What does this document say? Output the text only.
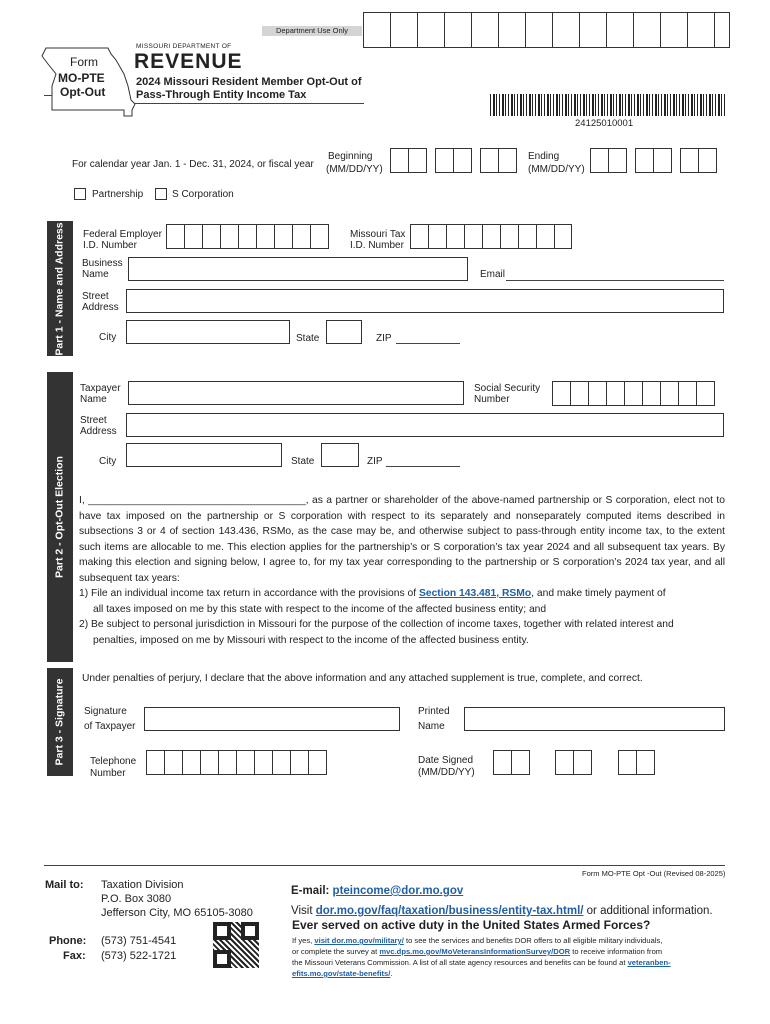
Department Use Only
Form
MO-PTE
Opt-Out
MISSOURI DEPARTMENT OF
REVENUE
2024 Missouri Resident Member Opt-Out of
Pass-Through Entity Income Tax
24125010001
For calendar year Jan. 1 - Dec. 31, 2024, or fiscal year
Beginning
(MM/DD/YY)
Ending
(MM/DD/YY)
Partnership	S Corporation
Part 1 - Name and Address Federal Employer
I.D. Number
Missouri Tax
I.D. Number
Business
Name	Email
Street
Address
City	State	ZIP
Part 2 - Opt-Out Election
Taxpayer
Name
Social Security
Number
Street
Address
City	State	ZIP
I, ______________________________________, as a partner or shareholder of the above-named partnership or S corporation, elect not to have tax imposed on the partnership or S corporation with respect to its separately and nonseparately computed items described in subsections 3 or 4 of section 143.436, RSMo, as the case may be, and otherwise subject to pass-through entity income tax, to the extent such items are allocable to me. This election applies for the partnership’s or S corporation’s tax year 2024 and all subsequent tax years. By making this election and signing below, I agree to, for my tax year corresponding to the partnership or S corporation’s 2024 tax year, and all subsequent tax years:
1) File an individual income tax return in accordance with the provisions of Section 143.481, RSMo, and make timely payment of
all taxes imposed on me by this state with respect to the income of the affected business entity; and
2) Be subject to personal jurisdiction in Missouri for the purpose of the collection of income taxes, together with related interest and
penalties, imposed on me by Missouri with respect to the income of the affected business entity.
Part 3 - Signature
Under penalties of perjury, I declare that the above information and any attached supplement is true, complete, and correct.
Signature
of Taxpayer
Printed
Name
Telephone
Number
Date Signed
(MM/DD/YY)
Form MO-PTE Opt -Out (Revised 08-2025)
Mail to: Taxation Division
P.O. Box 3080
Jefferson City, MO 65105-3080
Phone: (573) 751-4541
Fax: (573) 522-1721
E-mail: pteincome@dor.mo.gov
Visit dor.mo.gov/faq/taxation/business/entity-tax.html/ or additional information.
Ever served on active duty in the United States Armed Forces?
If yes, visit dor.mo.gov/military/ to see the services and benefits DOR offers to all eligible military individuals,
or complete the survey at mvc.dps.mo.gov/MoVeteransInformationSurvey/DOR to receive information from
the Missouri Veterans Commission. A list of all state agency resources and benefits can be found at veteranben-
efits.mo.gov/state-benefits/.
